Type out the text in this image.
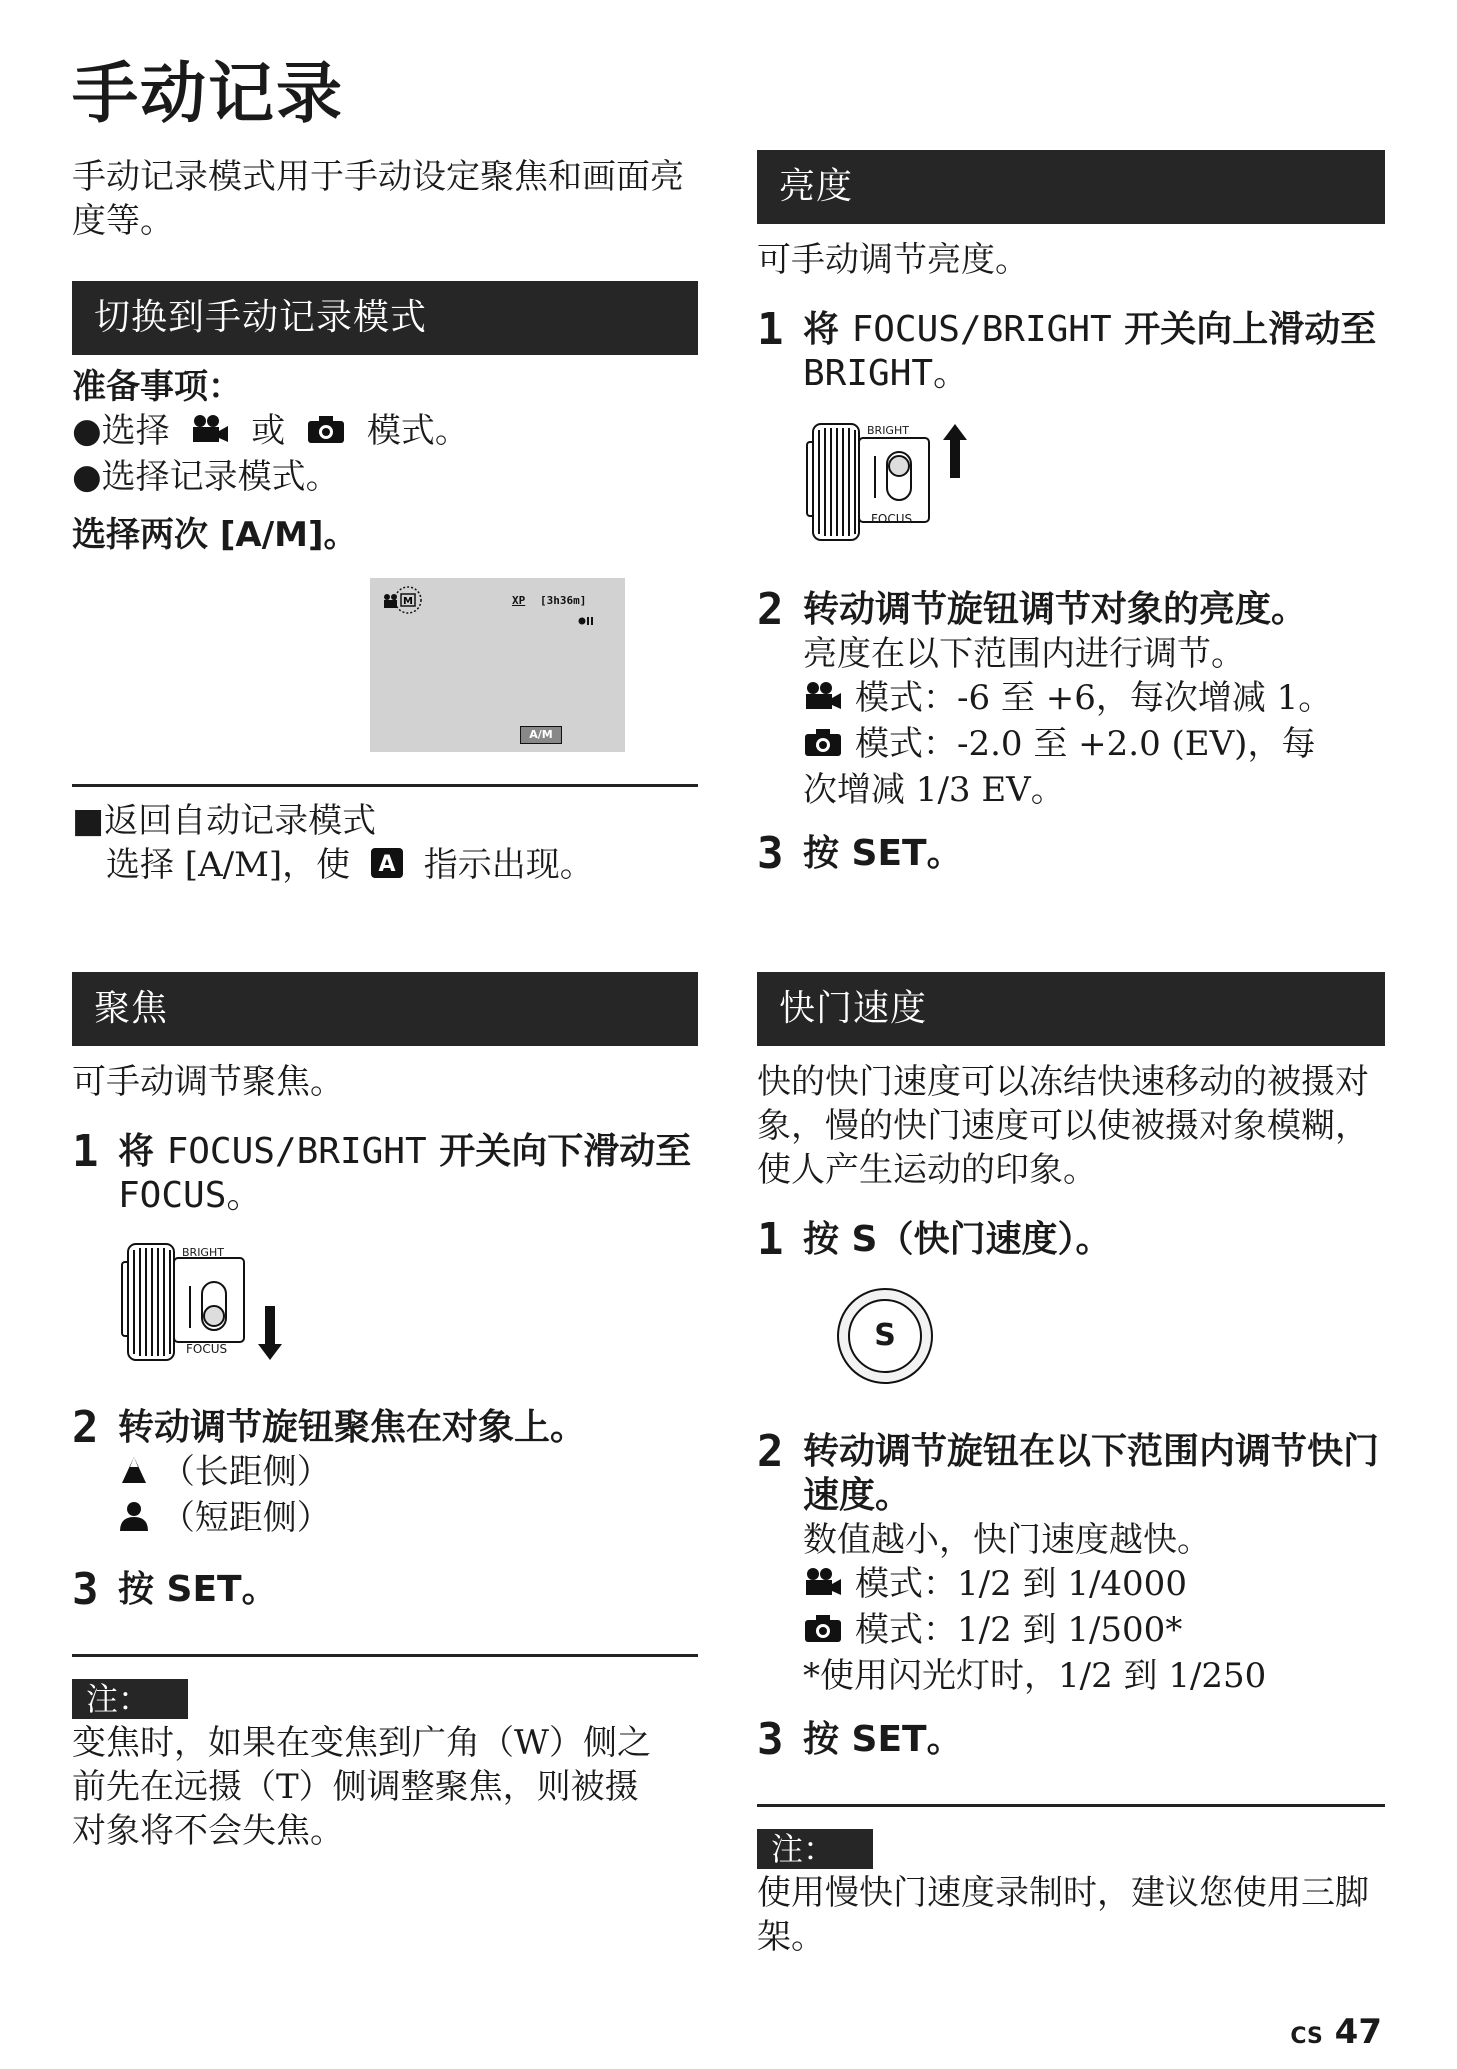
手动记录
手动记录模式用于手动设定聚焦和画面亮度等。
切换到手动记录模式
准备事项：
●选择 或 模式。
●选择记录模式。
选择两次 [A/M]。
M	XP [3h36m]
A/M
■返回自动记录模式
选择 [A/M]，使 A 指示出现。
聚焦
可手动调节聚焦。
1 将 FOCUS/BRIGHT 开关向下滑动至
FOCUS。
BRIGHT
FOCUS
2 转动调节旋钮聚焦在对象上。
（长距侧）
（短距侧）
3 按 SET。
注：
变焦时，如果在变焦到广角（W）侧之前先在远摄（T）侧调整聚焦，则被摄对象将不会失焦。
亮度
可手动调节亮度。
1 将 FOCUS/BRIGHT 开关向上滑动至
BRIGHT。
BRIGHT
FOCUS
2 转动调节旋钮调节对象的亮度。
亮度在以下范围内进行调节。
模式：-6 至 +6，每次增减 1。
模式：-2.0 至 +2.0 (EV)，每
次增减 1/3 EV。
3 按 SET。
快门速度
快的快门速度可以冻结快速移动的被摄对象，慢的快门速度可以使被摄对象模糊，使人产生运动的印象。
1 按 S（快门速度）。
S
2 转动调节旋钮在以下范围内调节快门速度。
数值越小，快门速度越快。
模式：1/2 到 1/4000
模式：1/2 到 1/500*
*使用闪光灯时，1/2 到 1/250
3 按 SET。
注：
使用慢快门速度录制时，建议您使用三脚架。
CS 47
